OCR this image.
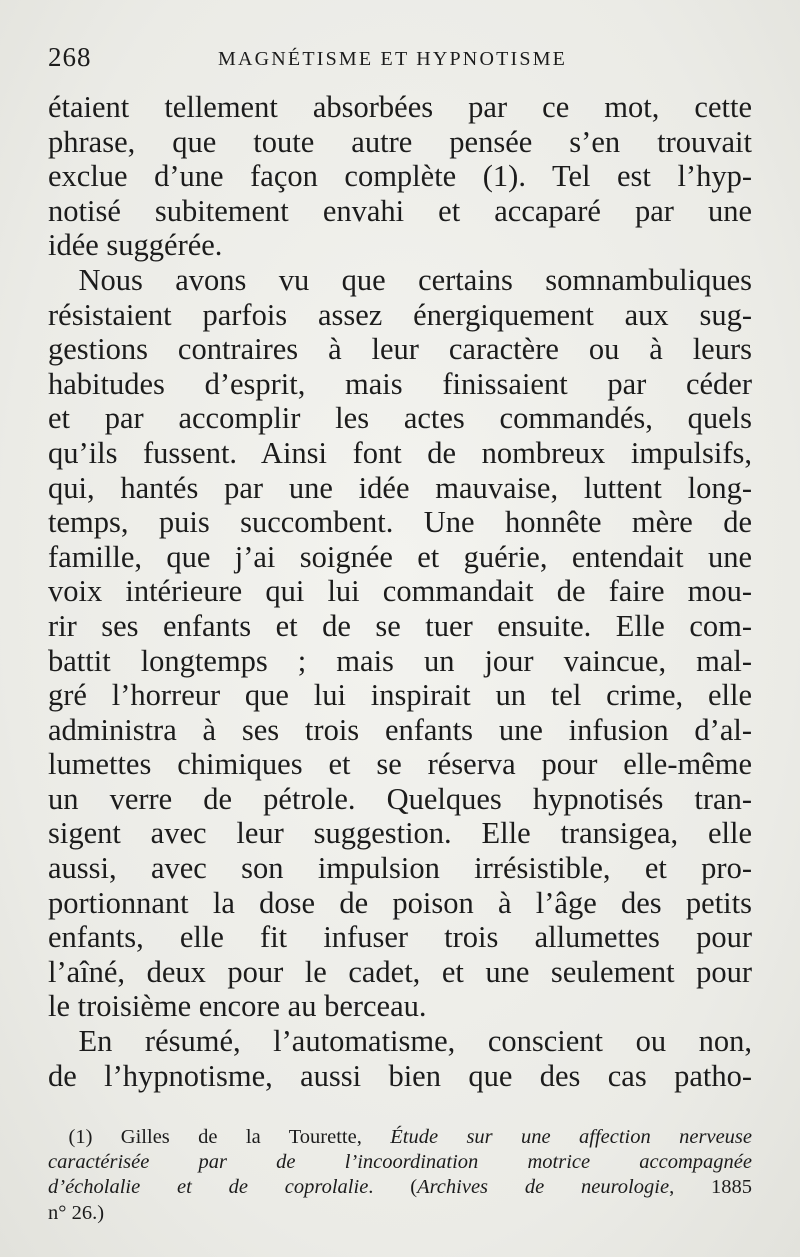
268	MAGNÉTISME ET HYPNOTISME
étaient tellement absorbées par ce mot, cette
phrase, que toute autre pensée s’en trouvait
exclue d’une façon complète (1). Tel est l’hyp-
notisé subitement envahi et accaparé par une
idée suggérée.
 Nous avons vu que certains somnambuliques
résistaient parfois assez énergiquement aux sug-
gestions contraires à leur caractère ou à leurs
habitudes d’esprit, mais finissaient par céder
et par accomplir les actes commandés, quels
qu’ils fussent. Ainsi font de nombreux impulsifs,
qui, hantés par une idée mauvaise, luttent long-
temps, puis succombent. Une honnête mère de
famille, que j’ai soignée et guérie, entendait une
voix intérieure qui lui commandait de faire mou-
rir ses enfants et de se tuer ensuite. Elle com-
battit longtemps ; mais un jour vaincue, mal-
gré l’horreur que lui inspirait un tel crime, elle
administra à ses trois enfants une infusion d’al-
lumettes chimiques et se réserva pour elle-même
un verre de pétrole. Quelques hypnotisés tran-
sigent avec leur suggestion. Elle transigea, elle
aussi, avec son impulsion irrésistible, et pro-
portionnant la dose de poison à l’âge des petits
enfants, elle fit infuser trois allumettes pour
l’aîné, deux pour le cadet, et une seulement pour
le troisième encore au berceau.
 En résumé, l’automatisme, conscient ou non,
de l’hypnotisme, aussi bien que des cas patho-
 (1) Gilles de la Tourette, Étude sur une affection nerveuse
caractérisée par de l’incoordination motrice accompagnée
d’écholalie et de coprolalie. (Archives de neurologie, 1885
n° 26.)
